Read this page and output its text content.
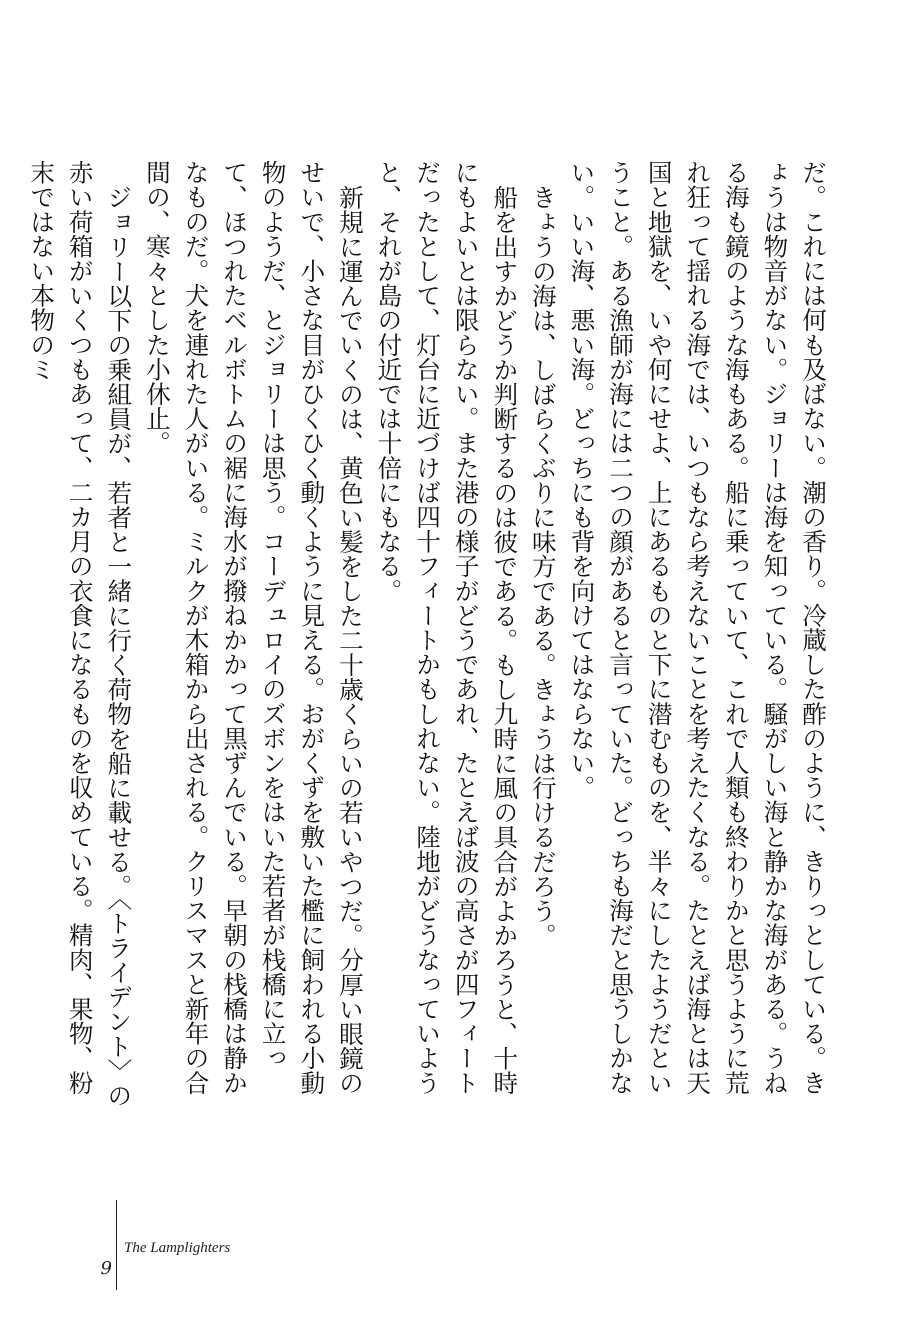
だ。これには何も及ばない。潮の香り。冷蔵した酢のように、きりっとしている。きょうは物音がない。ジョリーは海を知っている。騒がしい海と静かな海がある。うねる海も鏡のような海もある。船に乗っていて、これで人類も終わりかと思うように荒れ狂って揺れる海では、いつもなら考えないことを考えたくなる。たとえば海とは天国と地獄を、いや何にせよ、上にあるものと下に潜むものを、半々にしたようだということ。ある漁師が海には二つの顔があると言っていた。どっちも海だと思うしかない。いい海、悪い海。どっちにも背を向けてはならない。

きょうの海は、しばらくぶりに味方である。きょうは行けるだろう。

船を出すかどうか判断するのは彼である。もし九時に風の具合がよかろうと、十時にもよいとは限らない。また港の様子がどうであれ、たとえば波の高さが四フィートだったとして、灯台に近づけば四十フィートかもしれない。陸地がどうなっていようと、それが島の付近では十倍にもなる。

新規に運んでいくのは、黄色い髪をした二十歳くらいの若いやつだ。分厚い眼鏡のせいで、小さな目がひくひく動くように見える。おがくずを敷いた檻に飼われる小動物のようだ、とジョリーは思う。コーデュロイのズボンをはいた若者が栈橋に立って、ほつれたベルボトムの裾に海水が撥ねかかって黒ずんでいる。早朝の栈橋は静かなものだ。犬を連れた人がいる。ミルクが木箱から出される。クリスマスと新年の合間の、寒々とした小休止。

ジョリー以下の乗組員が、若者と一緒に行く荷物を船に載せる。〈トライデント〉の赤い荷箱がいくつもあって、二カ月の衣食になるものを収めている。精肉、果物、粉末ではない本物のミ

9
The Lamplighters
